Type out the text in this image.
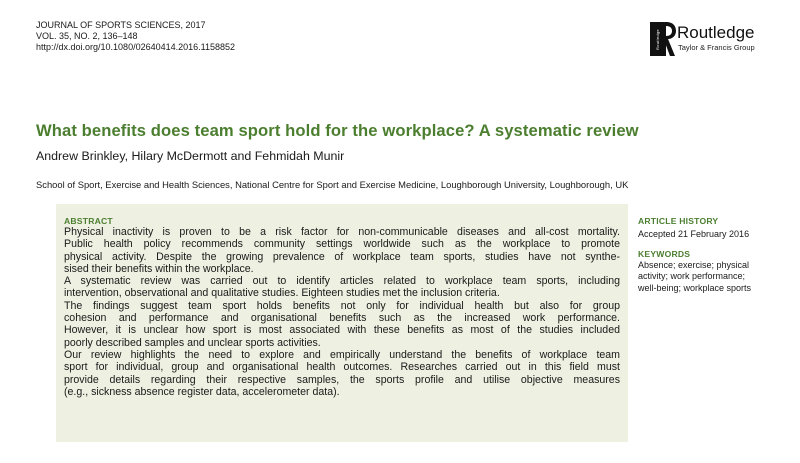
JOURNAL OF SPORTS SCIENCES, 2017
VOL. 35, NO. 2, 136–148
http://dx.doi.org/10.1080/02640414.2016.1158852	Routledge Routledge
Taylor & Francis Group
What benefits does team sport hold for the workplace? A systematic review
Andrew Brinkley, Hilary McDermott and Fehmidah Munir
School of Sport, Exercise and Health Sciences, National Centre for Sport and Exercise Medicine, Loughborough University, Loughborough, UK
ABSTRACT
Physical inactivity is proven to be a risk factor for non-communicable diseases and all-cost mortality.
Public health policy recommends community settings worldwide such as the workplace to promote
physical activity. Despite the growing prevalence of workplace team sports, studies have not synthe-
sised their benefits within the workplace.
A systematic review was carried out to identify articles related to workplace team sports, including
intervention, observational and qualitative studies. Eighteen studies met the inclusion criteria.
The findings suggest team sport holds benefits not only for individual health but also for group
cohesion and performance and organisational benefits such as the increased work performance.
However, it is unclear how sport is most associated with these benefits as most of the studies included
poorly described samples and unclear sports activities.
Our review highlights the need to explore and empirically understand the benefits of workplace team
sport for individual, group and organisational health outcomes. Researches carried out in this field must
provide details regarding their respective samples, the sports profile and utilise objective measures
(e.g., sickness absence register data, accelerometer data).
ARTICLE HISTORY
Accepted 21 February 2016
KEYWORDS
Absence; exercise; physical
activity; work performance;
well-being; workplace sports
